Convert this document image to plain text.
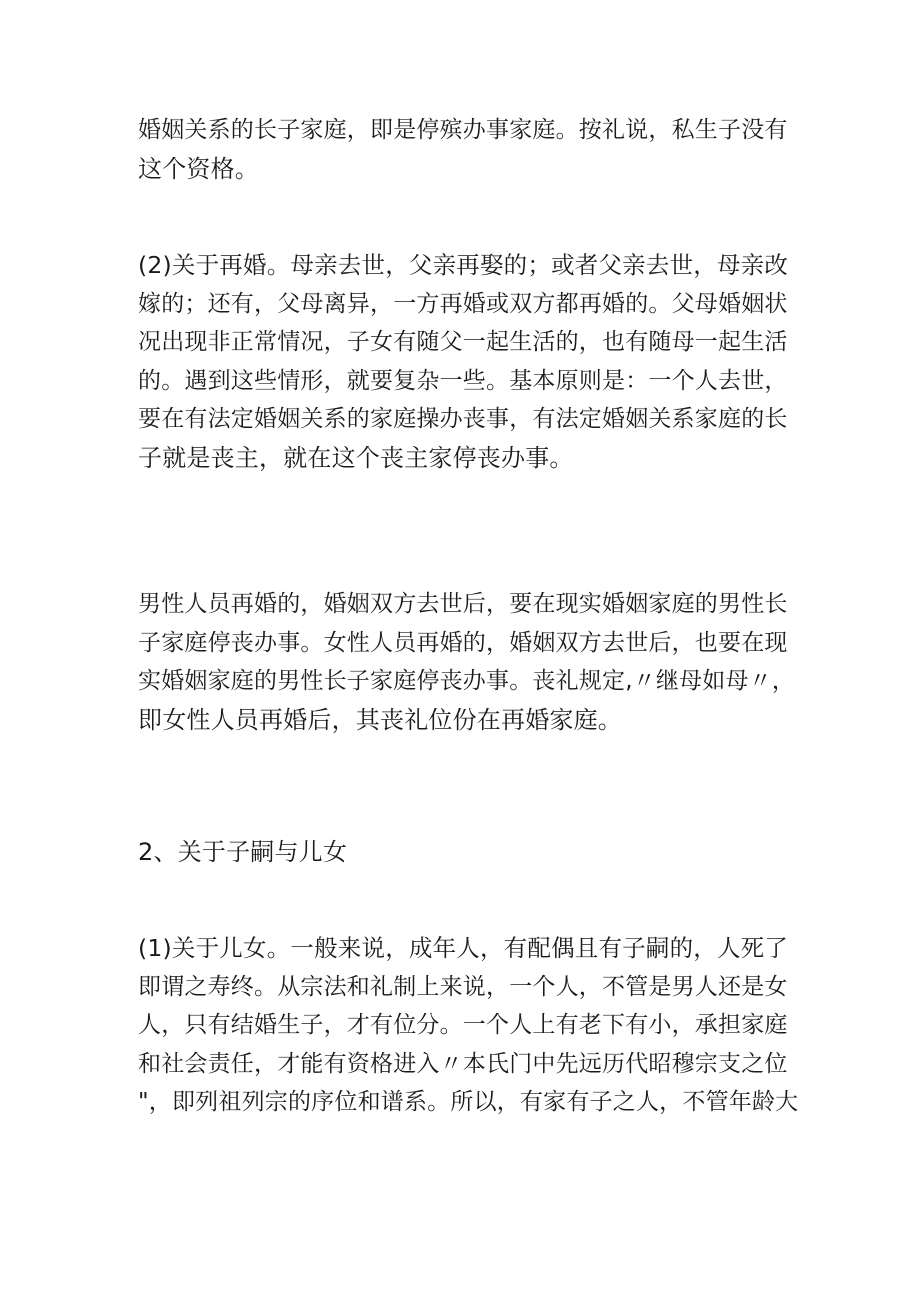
婚姻关系的长子家庭，即是停殡办事家庭。按礼说，私生子没有
这个资格。

(2)关于再婚。母亲去世，父亲再娶的；或者父亲去世，母亲改
嫁的；还有，父母离异，一方再婚或双方都再婚的。父母婚姻状
况出现非正常情况，子女有随父一起生活的，也有随母一起生活
的。遇到这些情形，就要复杂一些。基本原则是：一个人去世，
要在有法定婚姻关系的家庭操办丧事，有法定婚姻关系家庭的长
子就是丧主，就在这个丧主家停丧办事。

男性人员再婚的，婚姻双方去世后，要在现实婚姻家庭的男性长
子家庭停丧办事。女性人员再婚的，婚姻双方去世后，也要在现
实婚姻家庭的男性长子家庭停丧办事。丧礼规定,〃继母如母〃，
即女性人员再婚后，其丧礼位份在再婚家庭。

2、关于子嗣与儿女

(1)关于儿女。一般来说，成年人，有配偶且有子嗣的，人死了
即谓之寿终。从宗法和礼制上来说，一个人，不管是男人还是女
人，只有结婚生子，才有位分。一个人上有老下有小，承担家庭
和社会责任，才能有资格进入〃本氏门中先远历代昭穆宗支之位
"，即列祖列宗的序位和谱系。所以，有家有子之人，不管年龄大
